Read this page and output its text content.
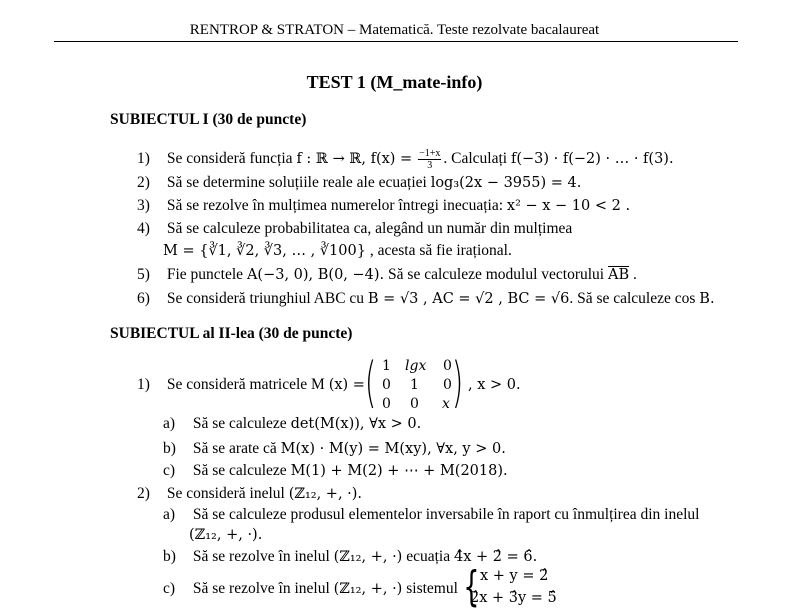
RENTROP & STRATON – Matematică. Teste rezolvate bacalaureat
TEST 1 (M_mate-info)
SUBIECTUL I (30 de puncte)
1) Se consideră funcția f : ℝ → ℝ, $f(x) = \frac{-1+x}{3}$ . Calculați f(−3) · f(−2) · … · f(3).
2) Să se determine soluțiile reale ale ecuației log₃(2x − 3955) = 4.
3) Să se rezolve în mulțimea numerelor întregi inecuația: x² − x − 10 < 2 .
4) Să se calculeze probabilitatea ca, alegând un număr din mulțimea
M = {∛1, ∛2, ∛3, … , ∛100} , acesta să fie irațional.
5) Fie punctele A(−3, 0), B(0, −4). Să se calculeze modulul vectorului $\overline{AB}$ .
6) Se consideră triunghiul ABC cu B = √3 , AC = √2 , BC = √6. Să se calculeze cos B.
SUBIECTUL al II-lea (30 de puncte)
1) Se consideră matricele M (x) = ( 1 lgx 0
0 1 0
0 0 x ) , x > 0.
a) Să se calculeze det(M(x)), ∀x > 0.
b) Să se arate că M(x) · M(y) = M(xy), ∀x, y > 0.
c) Să se calculeze M(1) + M(2) + ⋯ + M(2018).
2) Se consideră inelul (ℤ₁₂, +, ·).
a) Să se calculeze produsul elementelor inversabile în raport cu înmulțirea din inelul
(ℤ₁₂, +, ·).
b) Să se rezolve în inelul (ℤ₁₂, +, ·) ecuația 4̂x + 2̂ = 6̂.
c) Să se rezolve în inelul (ℤ₁₂, +, ·) sistemul { x + y = 2̂
2̂x + 3̂y = 5̂
